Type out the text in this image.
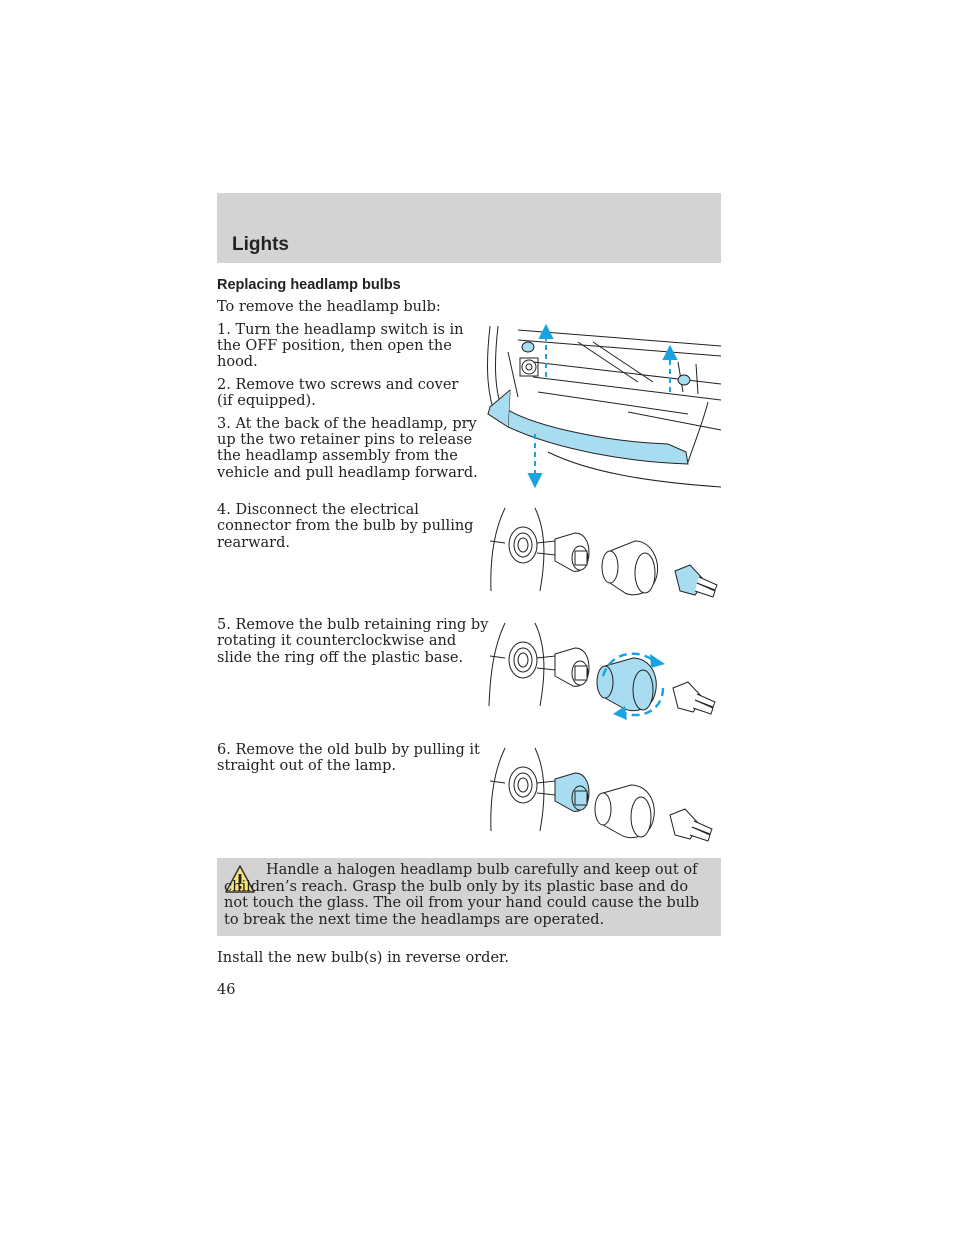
Lights
Replacing headlamp bulbs
To remove the headlamp bulb:
1. Turn the headlamp switch is in
the OFF position, then open the
hood.
2. Remove two screws and cover
(if equipped).
3. At the back of the headlamp, pry
up the two retainer pins to release
the headlamp assembly from the
vehicle and pull headlamp forward.
4. Disconnect the electrical
connector from the bulb by pulling
rearward.
5. Remove the bulb retaining ring by
rotating it counterclockwise and
slide the ring off the plastic base.
6. Remove the old bulb by pulling it
straight out of the lamp.
Handle a halogen headlamp bulb carefully and keep out of children’s reach. Grasp the bulb only by its plastic base and do not touch the glass. The oil from your hand could cause the bulb to break the next time the headlamps are operated.
Install the new bulb(s) in reverse order.
46
